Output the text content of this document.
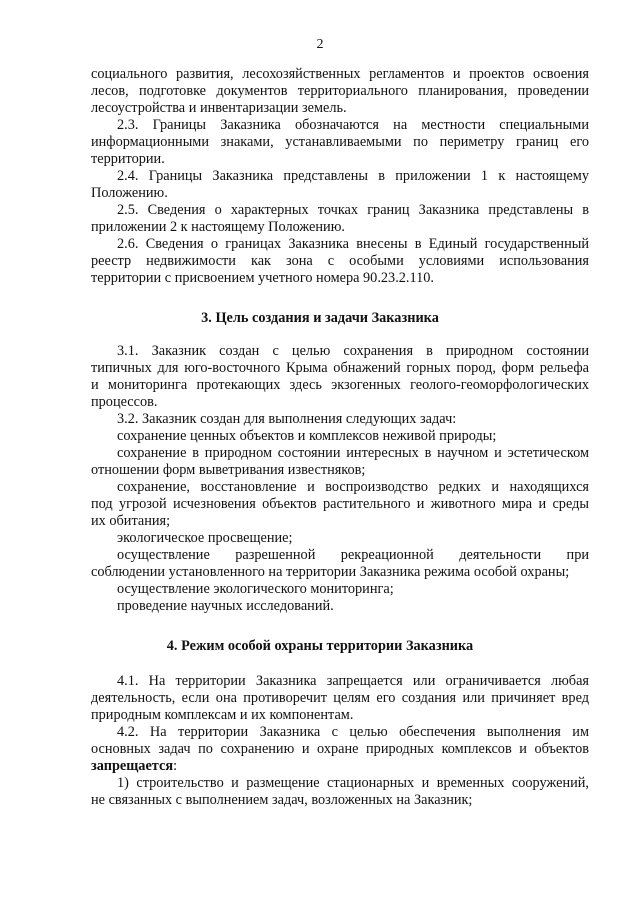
2
социального развития, лесохозяйственных регламентов и проектов освоения
лесов, подготовке документов территориального планирования, проведении
лесоустройства и инвентаризации земель.
2.3. Границы Заказника обозначаются на местности специальными
информационными знаками, устанавливаемыми по периметру границ его
территории.
2.4. Границы Заказника представлены в приложении 1 к настоящему
Положению.
2.5. Сведения о характерных точках границ Заказника представлены в
приложении 2 к настоящему Положению.
2.6. Сведения о границах Заказника внесены в Единый государственный
реестр недвижимости как зона с особыми условиями использования
территории с присвоением учетного номера 90.23.2.110.
3. Цель создания и задачи Заказника
3.1. Заказник создан с целью сохранения в природном состоянии
типичных для юго-восточного Крыма обнажений горных пород, форм рельефа
и мониторинга протекающих здесь экзогенных геолого-геоморфологических
процессов.
3.2. Заказник создан для выполнения следующих задач:
сохранение ценных объектов и комплексов неживой природы;
сохранение в природном состоянии интересных в научном и эстетическом
отношении форм выветривания известняков;
сохранение, восстановление и воспроизводство редких и находящихся
под угрозой исчезновения объектов растительного и животного мира и среды
их обитания;
экологическое просвещение;
осуществление разрешенной рекреационной деятельности при
соблюдении установленного на территории Заказника режима особой охраны;
осуществление экологического мониторинга;
проведение научных исследований.
4. Режим особой охраны территории Заказника
4.1. На территории Заказника запрещается или ограничивается любая
деятельность, если она противоречит целям его создания или причиняет вред
природным комплексам и их компонентам.
4.2. На территории Заказника с целью обеспечения выполнения им
основных задач по сохранению и охране природных комплексов и объектов
запрещается:
1) строительство и размещение стационарных и временных сооружений,
не связанных с выполнением задач, возложенных на Заказник;
